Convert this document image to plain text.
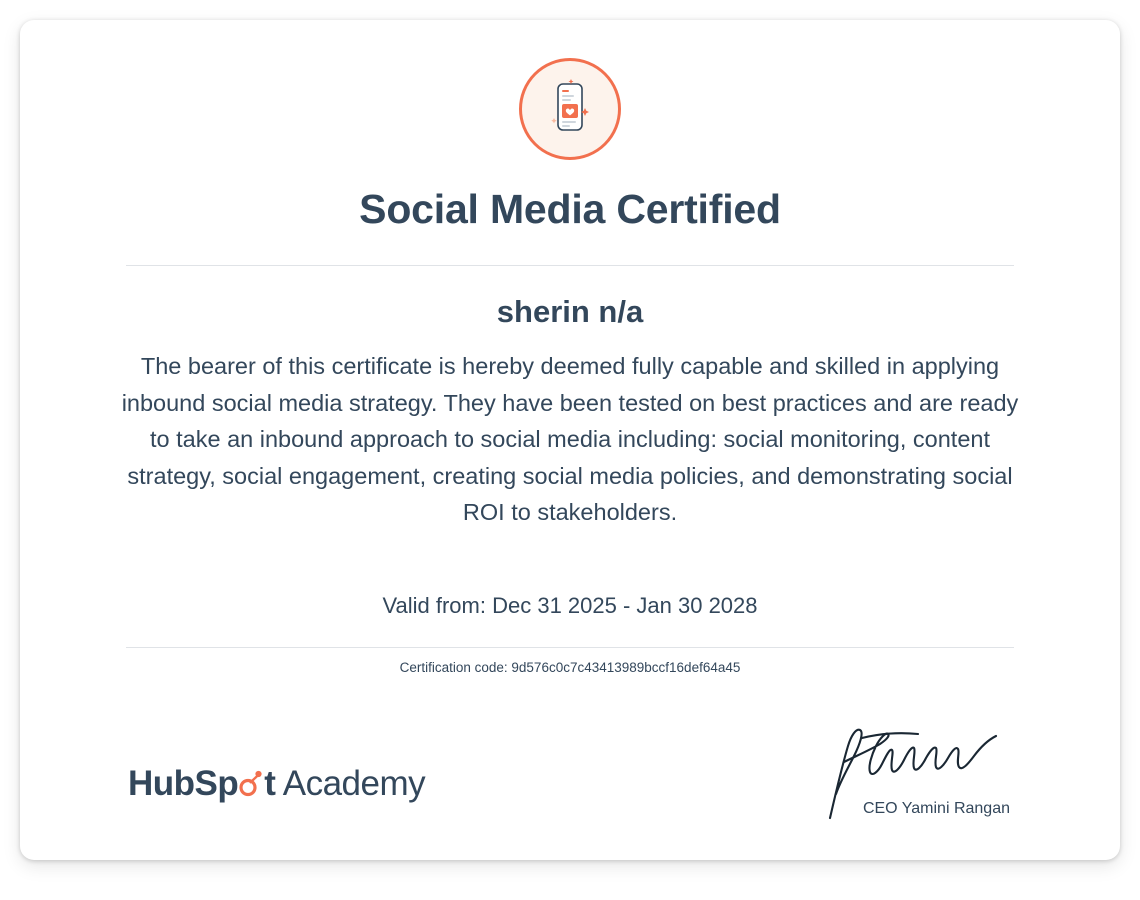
Social Media Certified
sherin n/a
The bearer of this certificate is hereby deemed fully capable and skilled in applying inbound social media strategy. They have been tested on best practices and are ready to take an inbound approach to social media including: social monitoring, content strategy, social engagement, creating social media policies, and demonstrating social ROI to stakeholders.
Valid from: Dec 31 2025 - Jan 30 2028
Certification code: 9d576c0c7c43413989bccf16def64a45
HubSp t Academy
CEO Yamini Rangan
